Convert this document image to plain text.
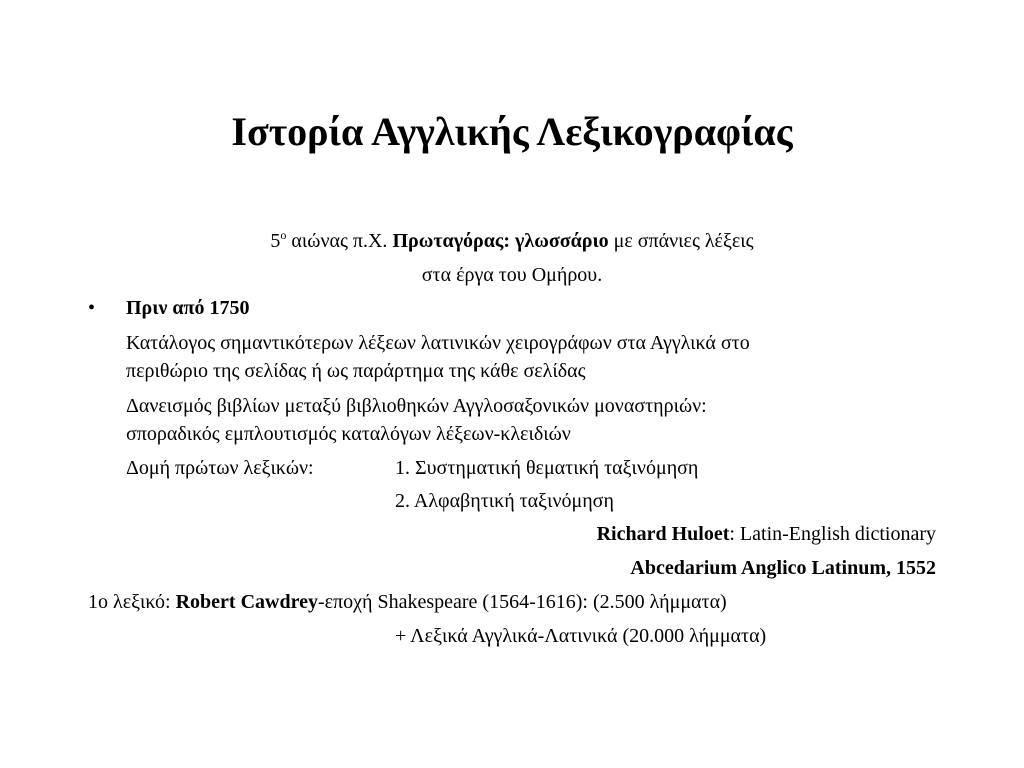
Ιστορία Αγγλικής Λεξικογραφίας
$5^o$ αιώνας π.Χ. Πρωταγόρας: γλωσσάριο με σπάνιες λέξεις
στα έργα του Ομήρου.
• Πριν από 1750
Κατάλογος σημαντικότερων λέξεων λατινικών χειρογράφων στα Αγγλικά στο
περιθώριο της σελίδας ή ως παράρτημα της κάθε σελίδας
Δανεισμός βιβλίων μεταξύ βιβλιοθηκών Αγγλοσαξονικών μοναστηριών:
σποραδικός εμπλουτισμός καταλόγων λέξεων-κλειδιών
Δομή πρώτων λεξικών:	1. Συστηματική θεματική ταξινόμηση
2. Αλφαβητική ταξινόμηση
Richard Huloet: Latin-English dictionary
Abcedarium Anglico Latinum, 1552
1ο λεξικό: Robert Cawdrey-εποχή Shakespeare (1564-1616): (2.500 λήμματα)
+ Λεξικά Αγγλικά-Λατινικά (20.000 λήμματα)
